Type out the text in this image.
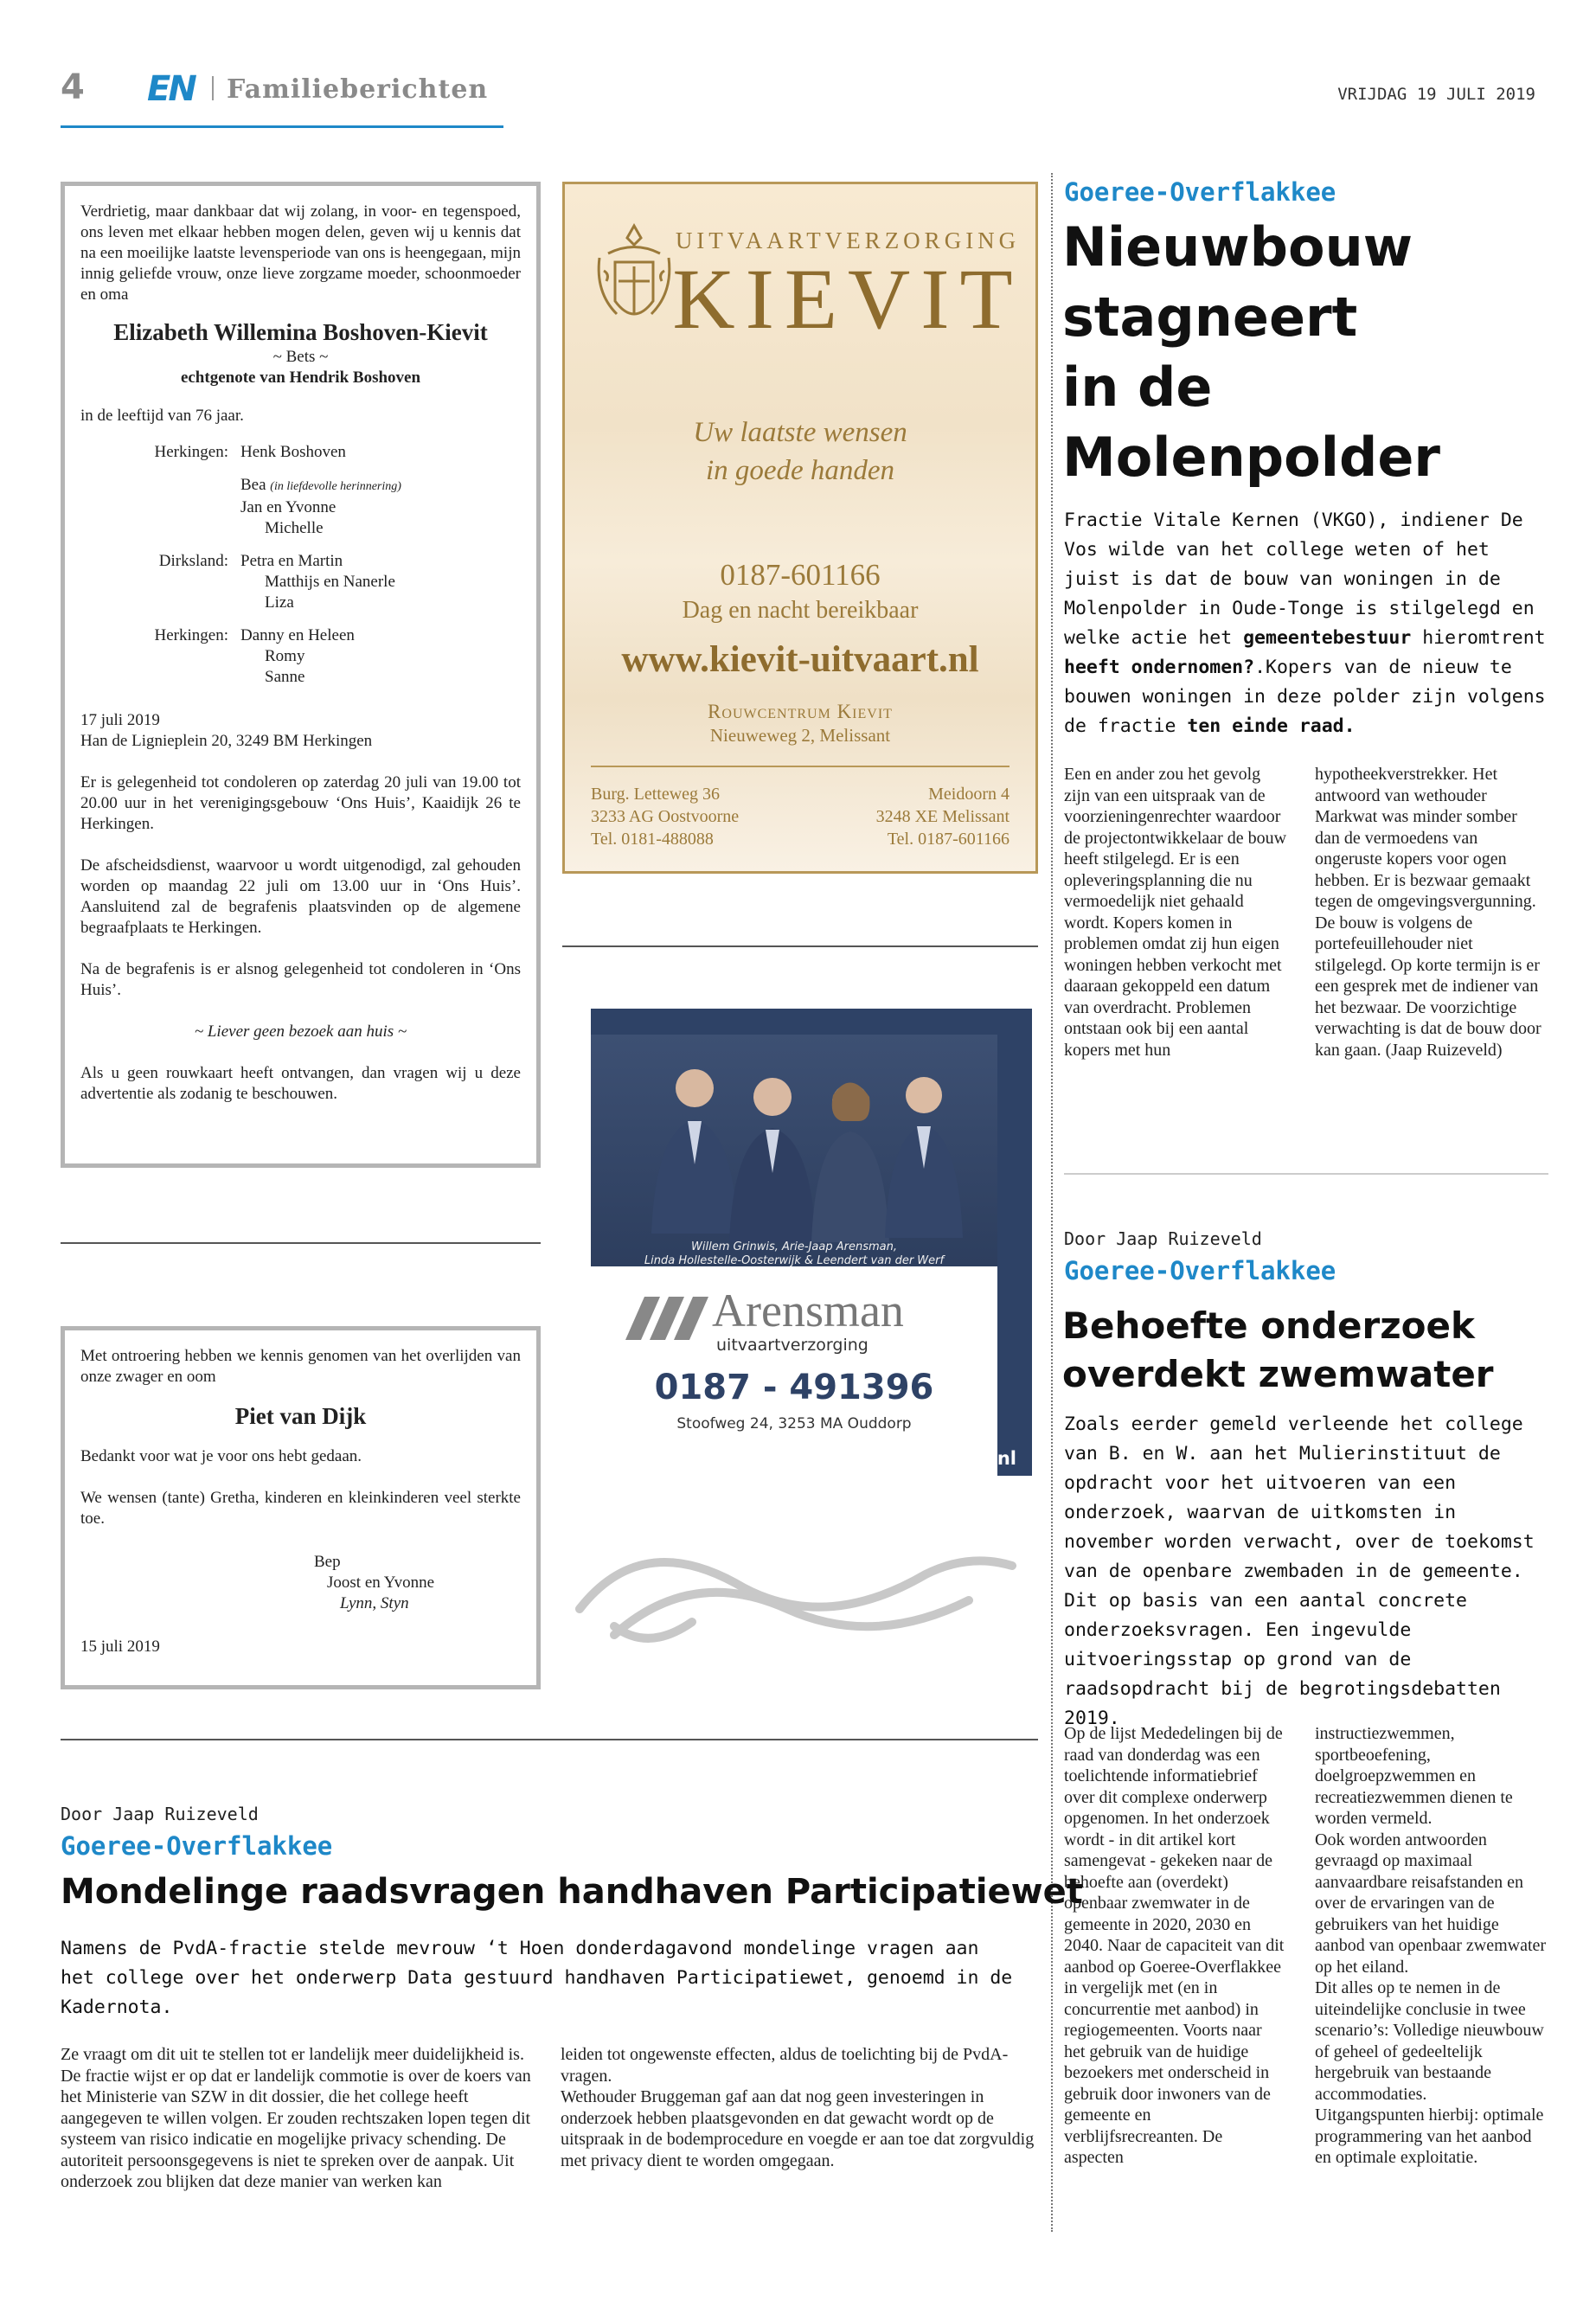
4 EN Familieberichten	VRIJDAG 19 JULI 2019
Verdrietig, maar dankbaar dat wij zolang, in voor- en tegenspoed, ons leven met elkaar hebben mogen delen, geven wij u kennis dat na een moeilijke laatste levensperiode van ons is heengegaan, mijn innig geliefde vrouw, onze lieve zorgzame moeder, schoonmoeder en oma
Elizabeth Willemina Boshoven-Kievit
~ Bets ~
echtgenote van Hendrik Boshoven
in de leeftijd van 76 jaar.
Herkingen: Henk Boshoven
Bea (in liefdevolle herinnering)
Jan en Yvonne
Michelle
Dirksland: Petra en Martin
Matthijs en Nanerle
Liza
Herkingen: Danny en Heleen
Romy
Sanne
17 juli 2019
Han de Lignieplein 20, 3249 BM Herkingen
Er is gelegenheid tot condoleren op zaterdag 20 juli van 19.00 tot 20.00 uur in het verenigingsgebouw ‘Ons Huis’, Kaaidijk 26 te Herkingen.
De afscheidsdienst, waarvoor u wordt uitgenodigd, zal gehouden worden op maandag 22 juli om 13.00 uur in ‘Ons Huis’. Aansluitend zal de begrafenis plaatsvinden op de algemene begraafplaats te Herkingen.
Na de begrafenis is er alsnog gelegenheid tot condoleren in ‘Ons Huis’.
~ Liever geen bezoek aan huis ~
Als u geen rouwkaart heeft ontvangen, dan vragen wij u deze advertentie als zodanig te beschouwen.
Met ontroering hebben we kennis genomen van het overlijden van onze zwager en oom
Piet van Dijk
Bedankt voor wat je voor ons hebt gedaan.
We wensen (tante) Gretha, kinderen en kleinkinderen veel sterkte toe.
Bep
Joost en Yvonne
Lynn, Styn
15 juli 2019
UITVAARTVERZORGING
KIEVIT
Uw laatste wensen
in goede handen
0187-601166
Dag en nacht bereikbaar
www.kievit-uitvaart.nl
Rouwcentrum Kievit
Nieuweweg 2, Melissant
Burg. Letteweg 36
3233 AG Oostvoorne
Tel. 0181-488088
Meidoorn 4
3248 XE Melissant
Tel. 0187-601166
Willem Grinwis, Arie-Jaap Arensman,
Linda Hollestelle-Oosterwijk & Leendert van der Werf
Arensman
uitvaartverzorging
0187 - 491396
Stoofweg 24, 3253 MA Ouddorp
www.arensmanuitvaart.nl
Goeree-Overflakkee
Nieuwbouw
stagneert
in de
Molenpolder
Fractie Vitale Kernen (VKGO), indiener De Vos wilde van het college weten of het juist is dat de bouw van woningen in de Molenpolder in Oude-Tonge is stilgelegd en welke actie het gemeentebestuur hieromtrent heeft ondernomen?.Kopers van de nieuw te bouwen woningen in deze polder zijn volgens de fractie ten einde raad.
Een en ander zou het gevolg zijn van een uitspraak van de voorzieningenrechter waardoor de projectontwikkelaar de bouw heeft stilgelegd. Er is een opleveringsplanning die nu vermoedelijk niet gehaald wordt. Kopers komen in problemen omdat zij hun eigen woningen hebben verkocht met daaraan gekoppeld een datum van overdracht. Problemen ontstaan ook bij een aantal kopers met hun
hypotheekverstrekker. Het antwoord van wethouder Markwat was minder somber dan de vermoedens van ongeruste kopers voor ogen hebben. Er is bezwaar gemaakt tegen de omgevingsvergunning. De bouw is volgens de portefeuillehouder niet stilgelegd. Op korte termijn is er een gesprek met de indiener van het bezwaar. De voorzichtige verwachting is dat de bouw door kan gaan. (Jaap Ruizeveld)
Door Jaap Ruizeveld
Goeree-Overflakkee
Behoefte onderzoek
overdekt zwemwater
Zoals eerder gemeld verleende het college van B. en W. aan het Mulierinstituut de opdracht voor het uitvoeren van een onderzoek, waarvan de uitkomsten in november worden verwacht, over de toekomst van de openbare zwembaden in de gemeente. Dit op basis van een aantal concrete onderzoeksvragen. Een ingevulde uitvoeringsstap op grond van de raadsopdracht bij de begrotingsdebatten 2019.
Op de lijst Mededelingen bij de raad van donderdag was een toelichtende informatiebrief over dit complexe onderwerp opgenomen. In het onderzoek wordt - in dit artikel kort samengevat - gekeken naar de behoefte aan (overdekt) openbaar zwemwater in de gemeente in 2020, 2030 en 2040. Naar de capaciteit van dit aanbod op Goeree-Overflakkee in vergelijk met (en in concurrentie met aanbod) in regiogemeenten. Voorts naar het gebruik van de huidige bezoekers met onderscheid in gebruik door inwoners van de gemeente en verblijfsrecreanten. De aspecten
instructiezwemmen, sportbeoefening, doelgroepzwemmen en recreatiezwemmen dienen te worden vermeld.
Ook worden antwoorden gevraagd op maximaal aanvaardbare reisafstanden en over de ervaringen van de gebruikers van het huidige aanbod van openbaar zwemwater op het eiland.
Dit alles op te nemen in de uiteindelijke conclusie in twee scenario’s: Volledige nieuwbouw of geheel of gedeeltelijk hergebruik van bestaande accommodaties.
Uitgangspunten hierbij: optimale programmering van het aanbod en optimale exploitatie.
Door Jaap Ruizeveld
Goeree-Overflakkee
Mondelinge raadsvragen handhaven Participatiewet
Namens de PvdA-fractie stelde mevrouw ‘t Hoen donderdagavond mondelinge vragen aan het college over het onderwerp Data gestuurd handhaven Participatiewet, genoemd in de Kadernota.
Ze vraagt om dit uit te stellen tot er landelijk meer duidelijkheid is. De fractie wijst er op dat er landelijk commotie is over de koers van het Ministerie van SZW in dit dossier, die het college heeft aangegeven te willen volgen. Er zouden rechtszaken lopen tegen dit systeem van risico indicatie en mogelijke privacy schending. De autoriteit persoonsgegevens is niet te spreken over de aanpak. Uit onderzoek zou blijken dat deze manier van werken kan
leiden tot ongewenste effecten, aldus de toelichting bij de PvdA-vragen.
Wethouder Bruggeman gaf aan dat nog geen investeringen in onderzoek hebben plaatsgevonden en dat gewacht wordt op de uitspraak in de bodemprocedure en voegde er aan toe dat zorgvuldig met privacy dient te worden omgegaan.
